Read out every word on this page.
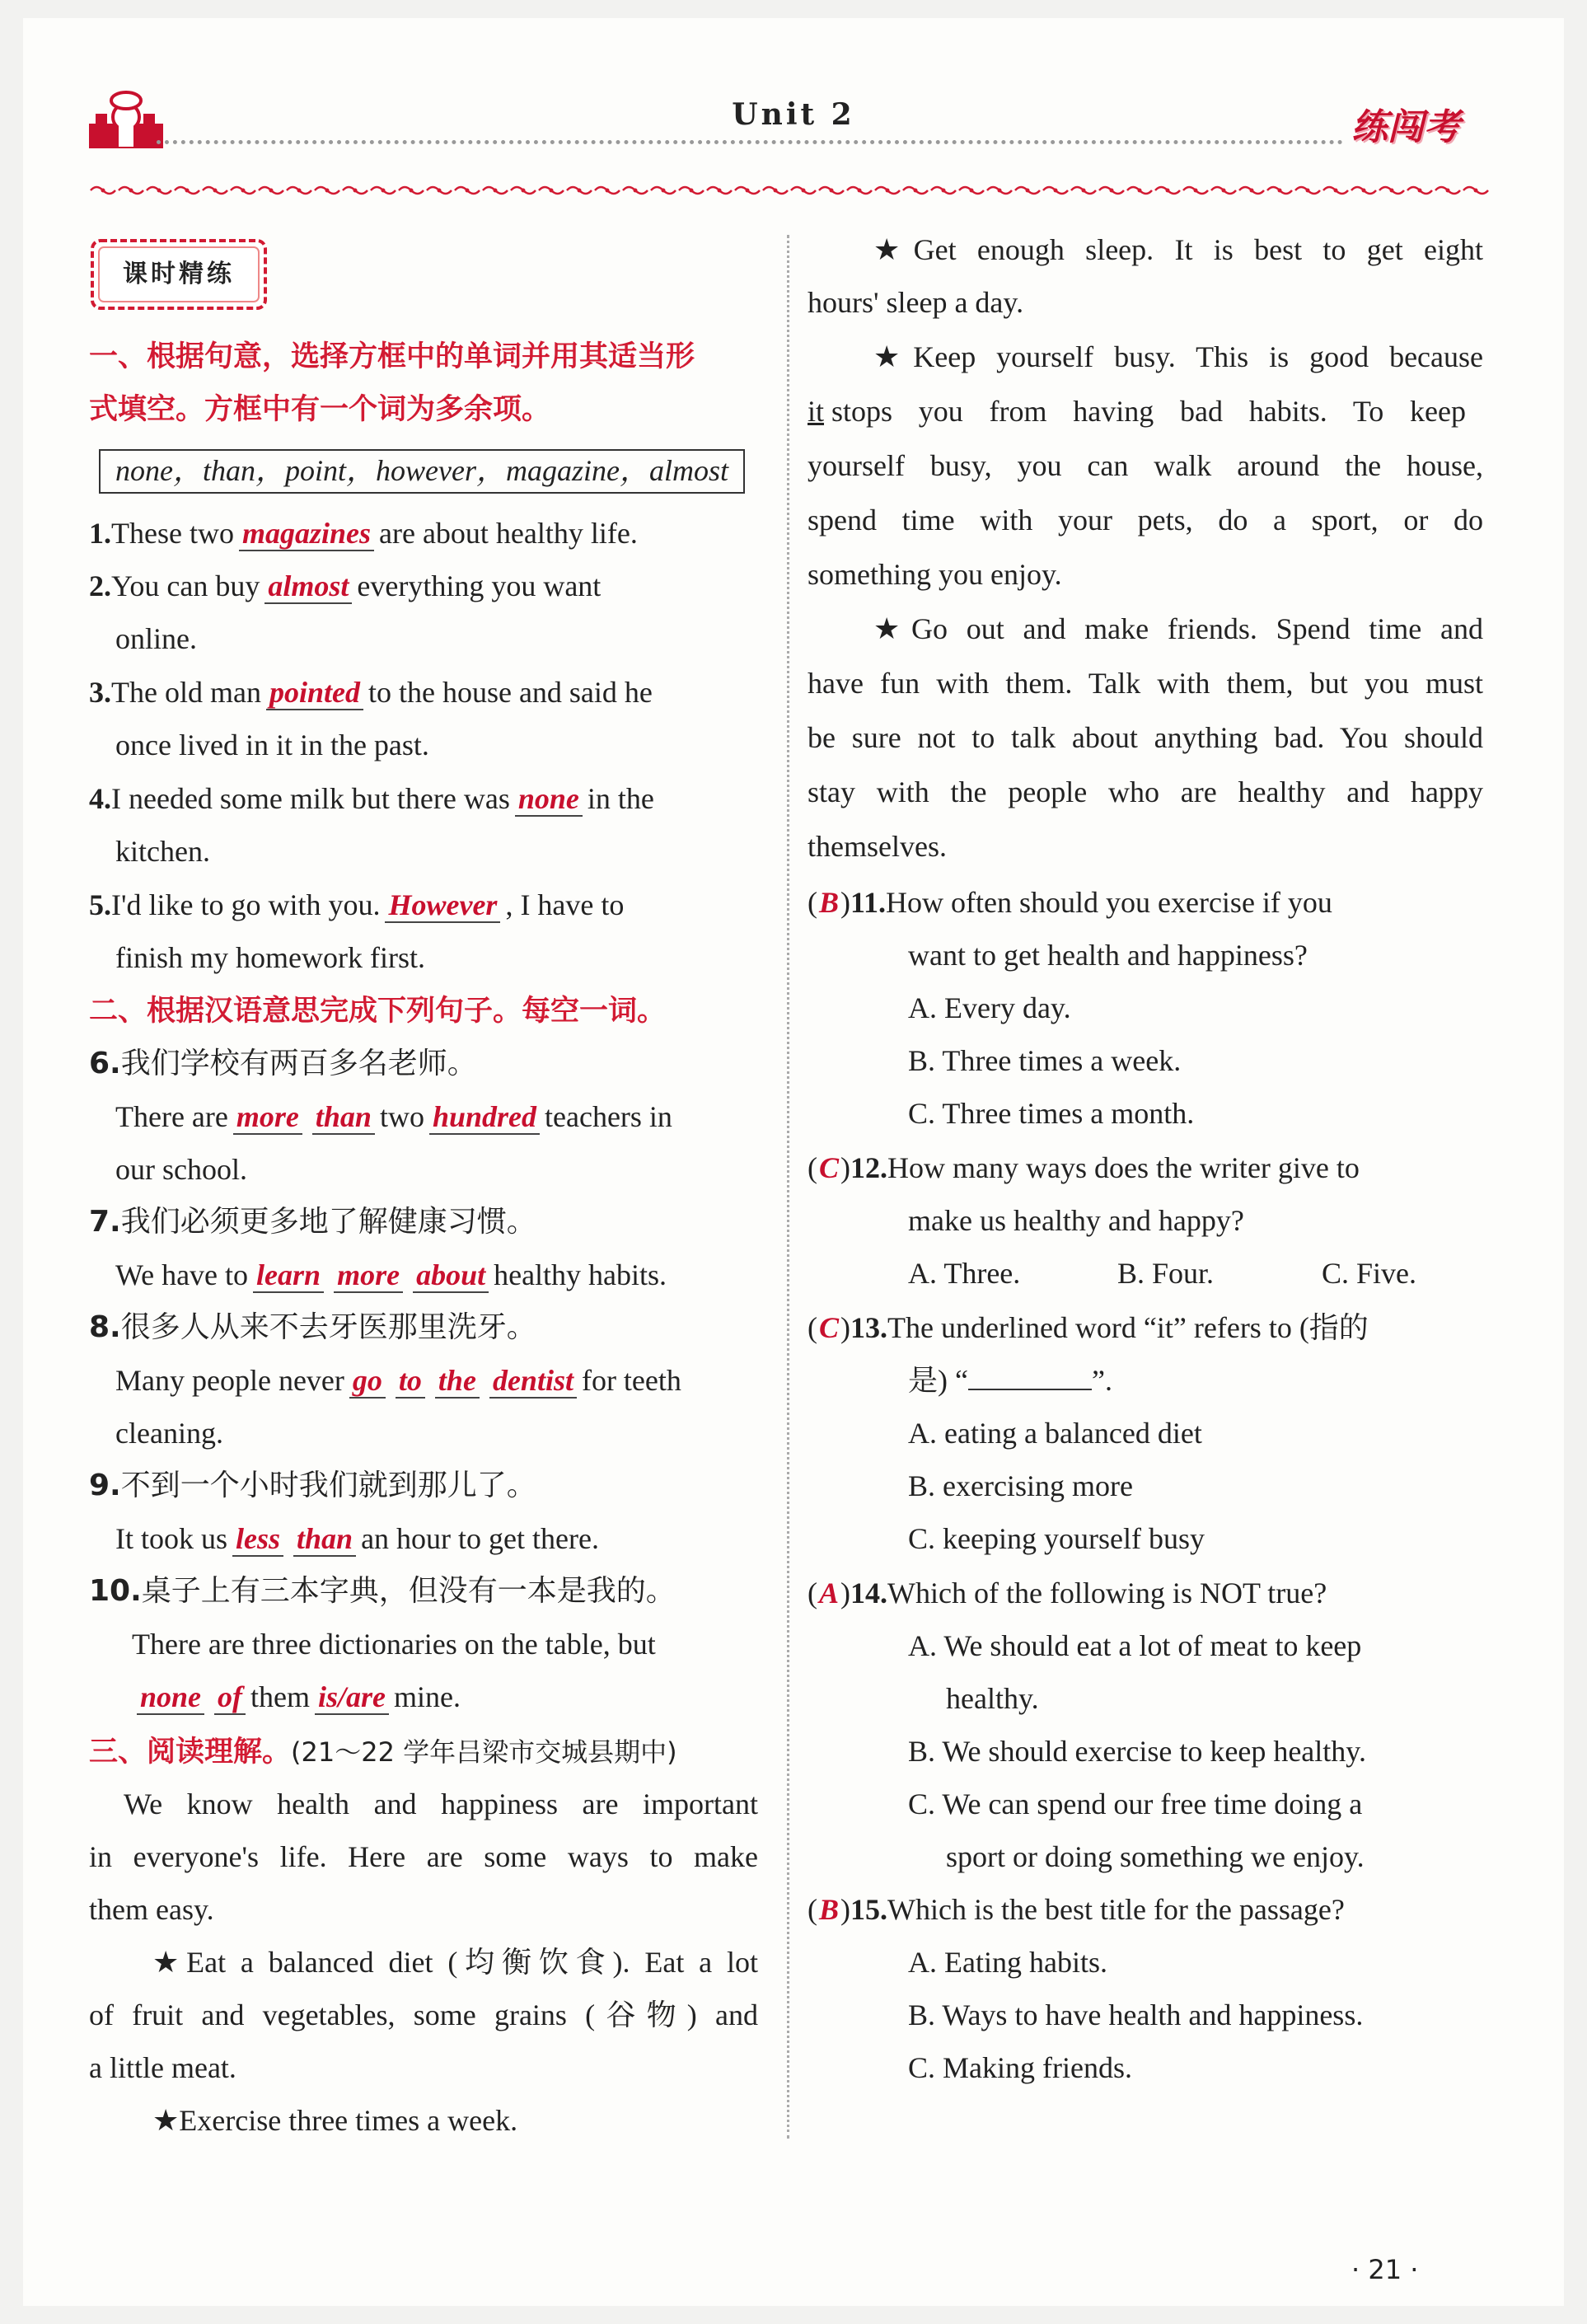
Unit 2	练闯考
课时精练
一、根据句意，选择方框中的单词并用其适当形
式填空。方框中有一个词为多余项。
none，than，point，however，magazine，almost
1.These two magazines are about healthy life.
2.You can buy almost everything you want
online.
3.The old man pointed to the house and said he
once lived in it in the past.
4.I needed some milk but there was none in the
kitchen.
5.I'd like to go with you. However , I have to
finish my homework first.
二、根据汉语意思完成下列句子。每空一词。
6.我们学校有两百多名老师。
There are more than two hundred teachers in
our school.
7.我们必须更多地了解健康习惯。
We have to learn more about healthy habits.
8.很多人从来不去牙医那里洗牙。
Many people never go to the dentist for teeth
cleaning.
9.不到一个小时我们就到那儿了。
It took us less than an hour to get there.
10.桌子上有三本字典，但没有一本是我的。
There are three dictionaries on the table, but
none of them is/are mine.
三、阅读理解。(21～22 学年吕梁市交城县期中)
We know health and happiness are important
in everyone's life. Here are some ways to make
them easy.
★Eat a balanced diet (均衡饮食). Eat a lot
of fruit and vegetables, some grains (谷物) and
a little meat.
★Exercise three times a week.
★Get enough sleep. It is best to get eight
hours' sleep a day.
★Keep yourself busy. This is good because
it stops you from having bad habits. To keep
yourself busy, you can walk around the house,
spend time with your pets, do a sport, or do
something you enjoy.
★Go out and make friends. Spend time and
have fun with them. Talk with them, but you must
be sure not to talk about anything bad. You should
stay with the people who are healthy and happy
themselves.
(B)11.How often should you exercise if you
want to get health and happiness?
A. Every day.
B. Three times a week.
C. Three times a month.
(C)12.How many ways does the writer give to
make us healthy and happy?
A. Three.	B. Four.	C. Five.
(C)13.The underlined word “it” refers to (指的
是) “	”.
A. eating a balanced diet
B. exercising more
C. keeping yourself busy
(A)14.Which of the following is NOT true?
A. We should eat a lot of meat to keep
healthy.
B. We should exercise to keep healthy.
C. We can spend our free time doing a
sport or doing something we enjoy.
(B)15.Which is the best title for the passage?
A. Eating habits.
B. Ways to have health and happiness.
C. Making friends.
· 21 ·
